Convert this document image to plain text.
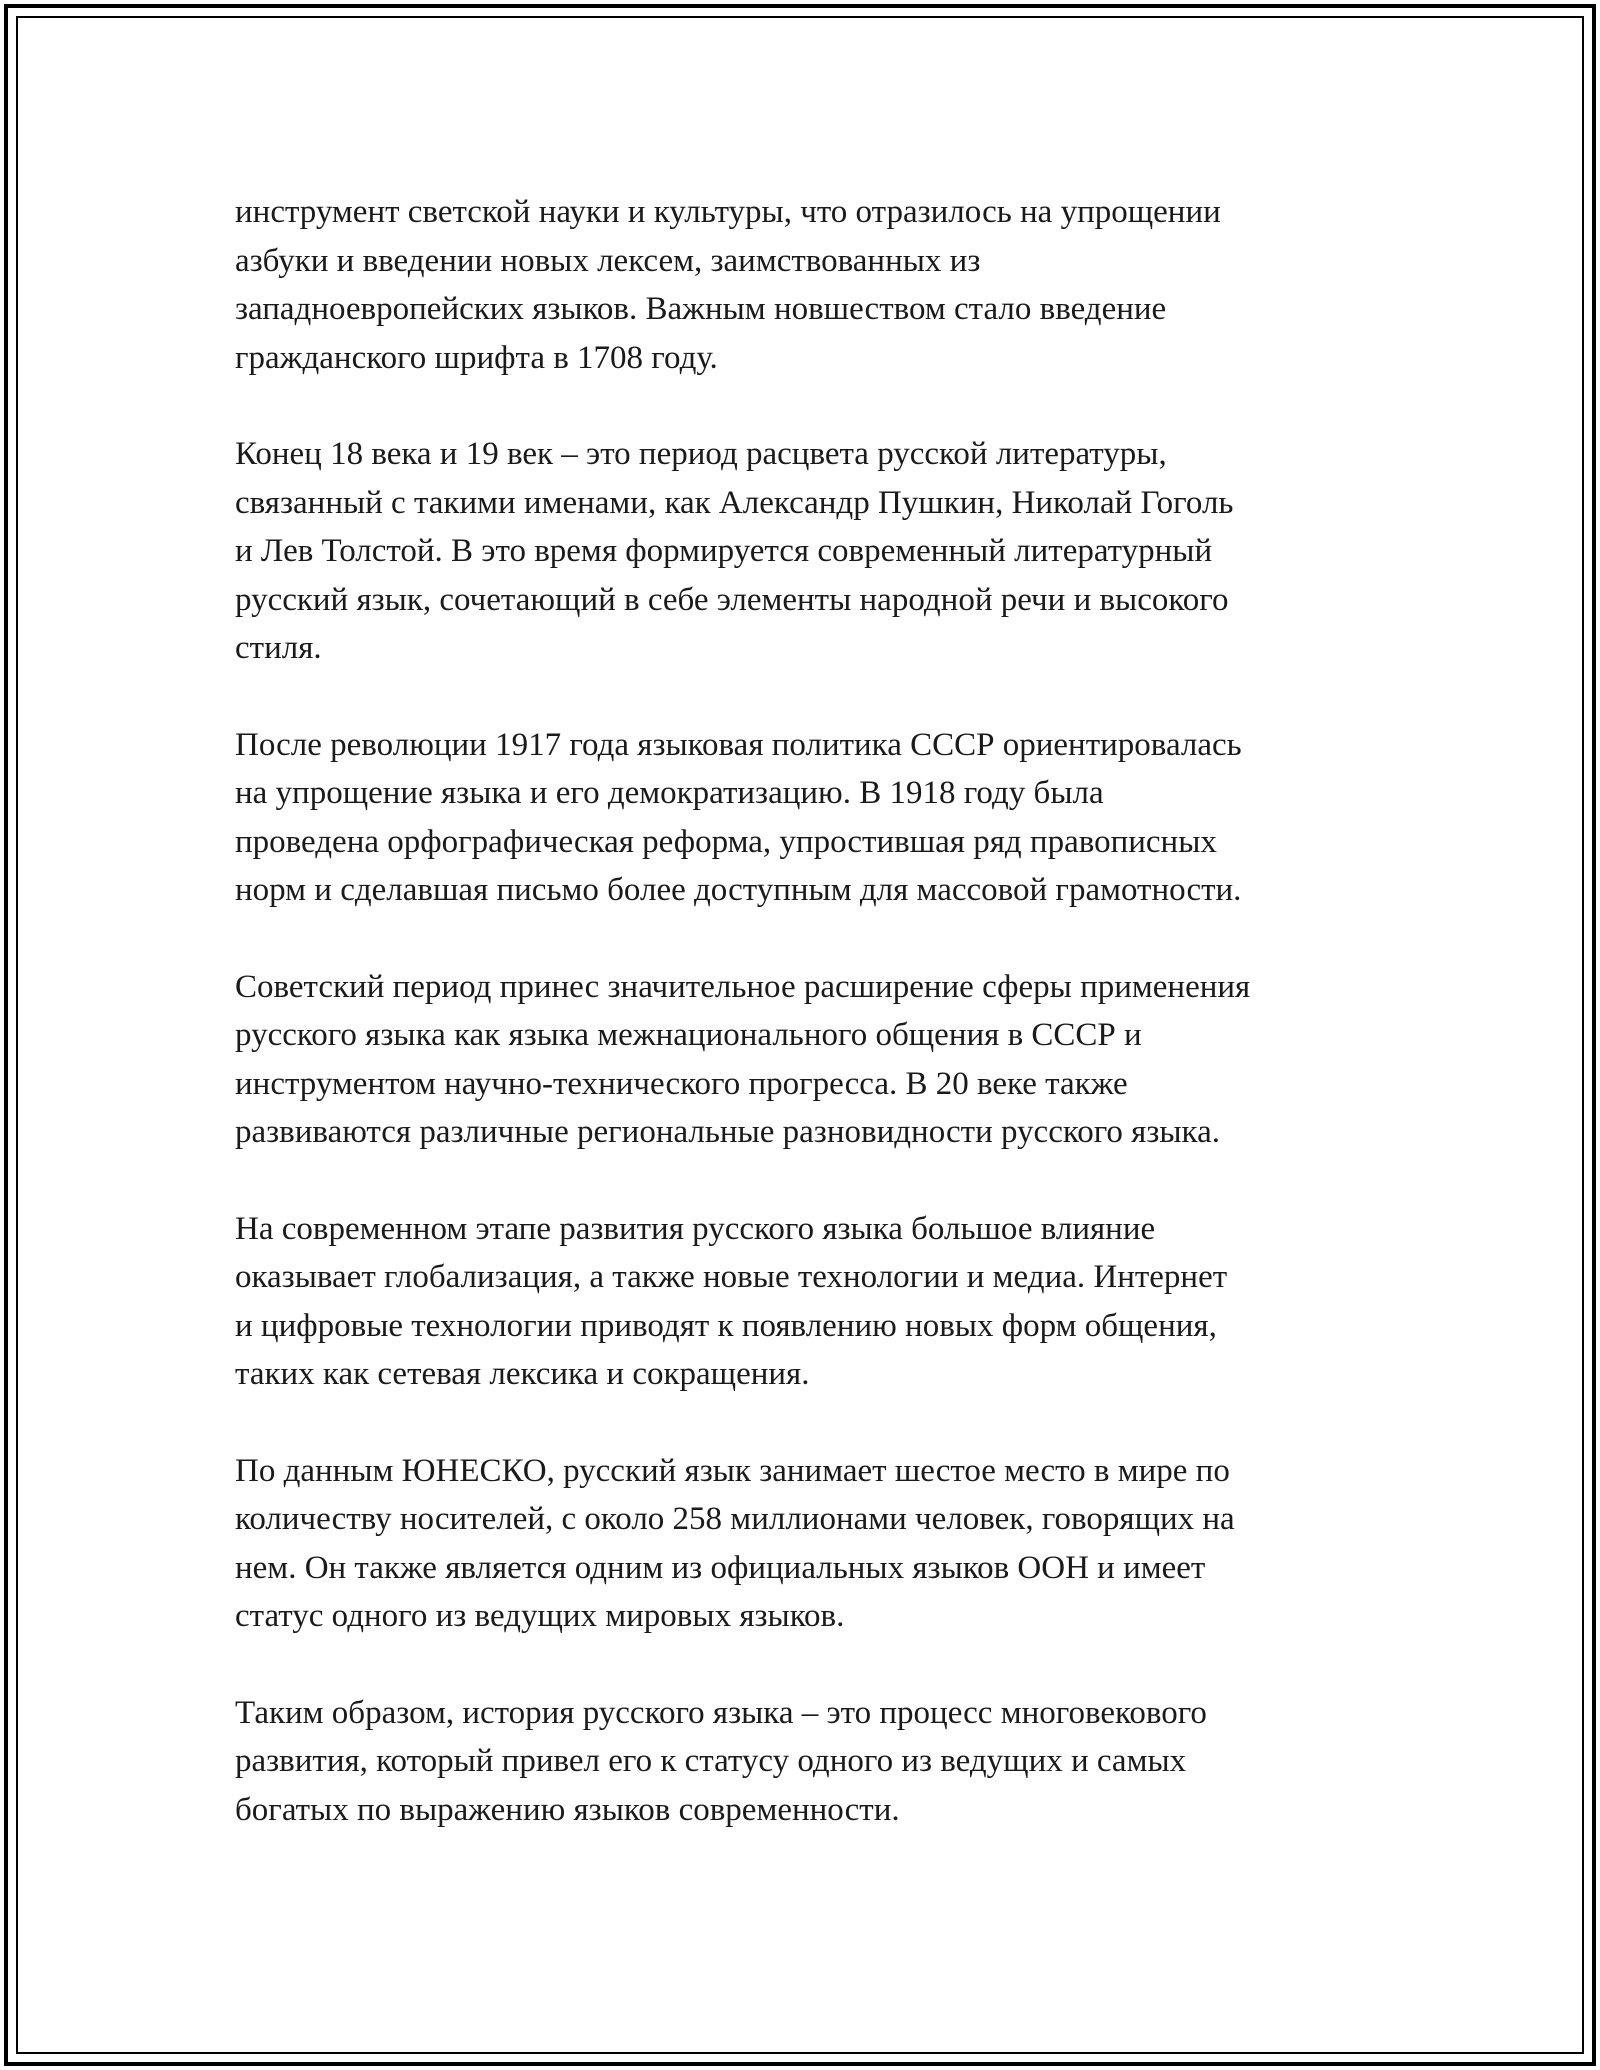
инструмент светской науки и культуры, что отразилось на упрощении
азбуки и введении новых лексем, заимствованных из
западноевропейских языков. Важным новшеством стало введение
гражданского шрифта в 1708 году.

Конец 18 века и 19 век – это период расцвета русской литературы,
связанный с такими именами, как Александр Пушкин, Николай Гоголь
и Лев Толстой. В это время формируется современный литературный
русский язык, сочетающий в себе элементы народной речи и высокого
стиля.

После революции 1917 года языковая политика СССР ориентировалась
на упрощение языка и его демократизацию. В 1918 году была
проведена орфографическая реформа, упростившая ряд правописных
норм и сделавшая письмо более доступным для массовой грамотности.

Советский период принес значительное расширение сферы применения
русского языка как языка межнационального общения в СССР и
инструментом научно-технического прогресса. В 20 веке также
развиваются различные региональные разновидности русского языка.

На современном этапе развития русского языка большое влияние
оказывает глобализация, а также новые технологии и медиа. Интернет
и цифровые технологии приводят к появлению новых форм общения,
таких как сетевая лексика и сокращения.

По данным ЮНЕСКО, русский язык занимает шестое место в мире по
количеству носителей, с около 258 миллионами человек, говорящих на
нем. Он также является одним из официальных языков ООН и имеет
статус одного из ведущих мировых языков.

Таким образом, история русского языка – это процесс многовекового
развития, который привел его к статусу одного из ведущих и самых
богатых по выражению языков современности.
